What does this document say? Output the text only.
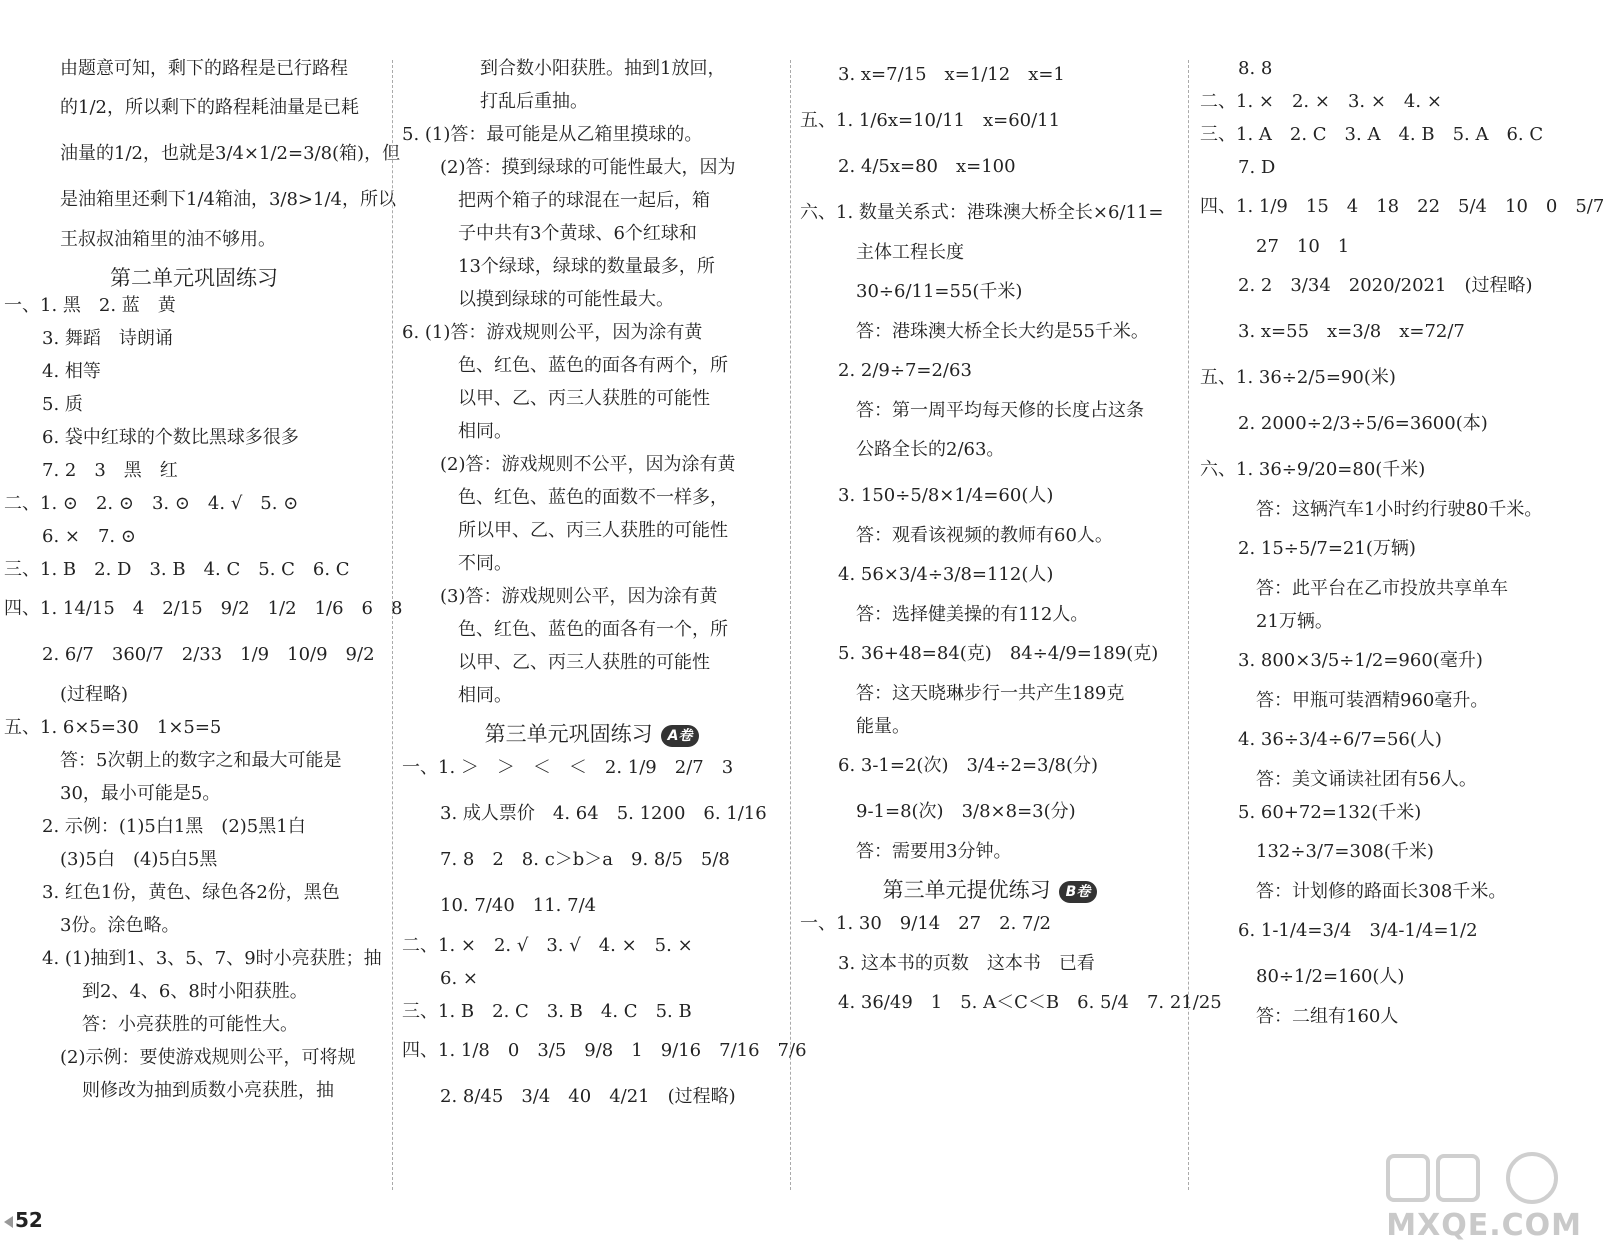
由题意可知，剩下的路程是已行路程
的1/2，所以剩下的路程耗油量是已耗
油量的1/2，也就是3/4×1/2=3/8(箱)，但
是油箱里还剩下1/4箱油，3/8>1/4，所以
王叔叔油箱里的油不够用。
第二单元巩固练习
一、1. 黑　2. 蓝　黄
3. 舞蹈　诗朗诵
4. 相等
5. 质
6. 袋中红球的个数比黑球多很多
7. 2　3　黑　红
二、1. ⊙　2. ⊙　3. ⊙　4. √　5. ⊙
6. ×　7. ⊙
三、1. B　2. D　3. B　4. C　5. C　6. C
四、1. 14/15　4　2/15　9/2　1/2　1/6　6　8
2. 6/7　360/7　2/33　1/9　10/9　9/2
(过程略)
五、1. 6×5=30　1×5=5
答：5次朝上的数字之和最大可能是
30，最小可能是5。
2. 示例：(1)5白1黑　(2)5黑1白
(3)5白　(4)5白5黑
3. 红色1份，黄色、绿色各2份，黑色
3份。涂色略。
4. (1)抽到1、3、5、7、9时小亮获胜；抽
到2、4、6、8时小阳获胜。
答：小亮获胜的可能性大。
(2)示例：要使游戏规则公平，可将规
则修改为抽到质数小亮获胜，抽
到合数小阳获胜。抽到1放回，
打乱后重抽。
5. (1)答：最可能是从乙箱里摸球的。
(2)答：摸到绿球的可能性最大，因为
把两个箱子的球混在一起后，箱
子中共有3个黄球、6个红球和
13个绿球，绿球的数量最多，所
以摸到绿球的可能性最大。
6. (1)答：游戏规则公平，因为涂有黄
色、红色、蓝色的面各有两个，所
以甲、乙、丙三人获胜的可能性
相同。
(2)答：游戏规则不公平，因为涂有黄
色、红色、蓝色的面数不一样多，
所以甲、乙、丙三人获胜的可能性
不同。
(3)答：游戏规则公平，因为涂有黄
色、红色、蓝色的面各有一个，所
以甲、乙、丙三人获胜的可能性
相同。
第三单元巩固练习 A卷
一、1. ＞　＞　＜　＜　2. 1/9　2/7　3
3. 成人票价　4. 64　5. 1200　6. 1/16
7. 8　2　8. c＞b＞a　9. 8/5　5/8
10. 7/40　11. 7/4
二、1. ×　2. √　3. √　4. ×　5. ×
6. ×
三、1. B　2. C　3. B　4. C　5. B
四、1. 1/8　0　3/5　9/8　1　9/16　7/16　7/6
2. 8/45　3/4　40　4/21　(过程略)
3. x=7/15　x=1/12　x=1
五、1. 1/6x=10/11　x=60/11
2. 4/5x=80　x=100
六、1. 数量关系式：港珠澳大桥全长×6/11=
主体工程长度
30÷6/11=55(千米)
答：港珠澳大桥全长大约是55千米。
2. 2/9÷7=2/63
答：第一周平均每天修的长度占这条
公路全长的2/63。
3. 150÷5/8×1/4=60(人)
答：观看该视频的教师有60人。
4. 56×3/4÷3/8=112(人)
答：选择健美操的有112人。
5. 36+48=84(克)　84÷4/9=189(克)
答：这天晓琳步行一共产生189克
能量。
6. 3-1=2(次)　3/4÷2=3/8(分)
9-1=8(次)　3/8×8=3(分)
答：需要用3分钟。
第三单元提优练习 B卷
一、1. 30　9/14　27　2. 7/2
3. 这本书的页数　这本书　已看
4. 36/49　1　5. A＜C＜B　6. 5/4　7. 21/25
8. 8
二、1. ×　2. ×　3. ×　4. ×
三、1. A　2. C　3. A　4. B　5. A　6. C
7. D
四、1. 1/9　15　4　18　22　5/4　10　0　5/7
27　10　1
2. 2　3/34　2020/2021　(过程略)
3. x=55　x=3/8　x=72/7
五、1. 36÷2/5=90(米)
2. 2000÷2/3÷5/6=3600(本)
六、1. 36÷9/20=80(千米)
答：这辆汽车1小时约行驶80千米。
2. 15÷5/7=21(万辆)
答：此平台在乙市投放共享单车
21万辆。
3. 800×3/5÷1/2=960(毫升)
答：甲瓶可装酒精960毫升。
4. 36÷3/4÷6/7=56(人)
答：美文诵读社团有56人。
5. 60+72=132(千米)
132÷3/7=308(千米)
答：计划修的路面长308千米。
6. 1-1/4=3/4　3/4-1/4=1/2
80÷1/2=160(人)
答：二组有160人
52	MXQE.COM
